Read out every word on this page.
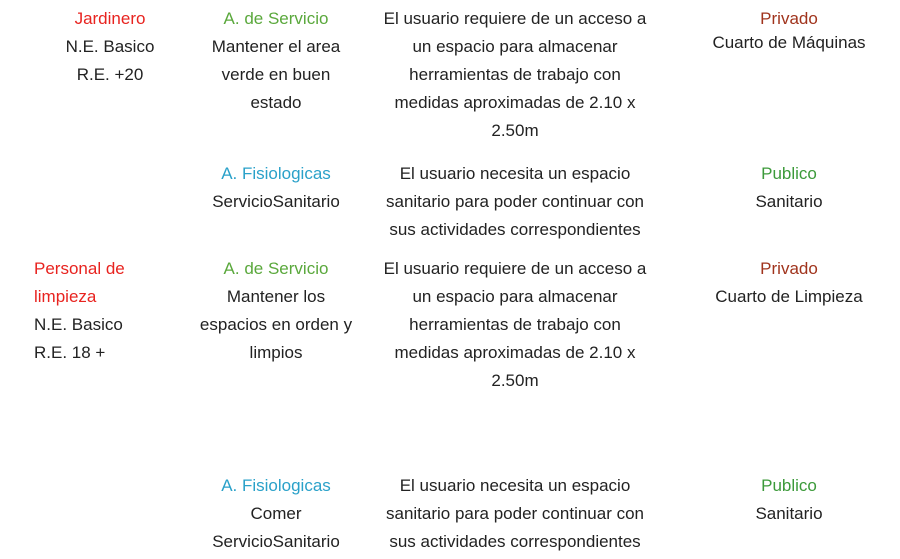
Jardinero
N.E. Basico
R.E. +20
A. de Servicio
Mantener el area
verde en buen
estado
El usuario requiere de un acceso a
un espacio para almacenar
herramientas de trabajo con
medidas aproximadas de 2.10 x
2.50m
Privado
Cuarto de Máquinas
A. Fisiologicas
ServicioSanitario
El usuario necesita un espacio
sanitario para poder continuar con
sus actividades correspondientes
Publico
Sanitario
Personal de
limpieza
N.E. Basico
R.E. 18 +
A. de Servicio
Mantener los
espacios en orden y
limpios
El usuario requiere de un acceso a
un espacio para almacenar
herramientas de trabajo con
medidas aproximadas de 2.10 x
2.50m
Privado
Cuarto de Limpieza
A. Fisiologicas
Comer
ServicioSanitario
El usuario necesita un espacio
sanitario para poder continuar con
sus actividades correspondientes
Publico
Sanitario
